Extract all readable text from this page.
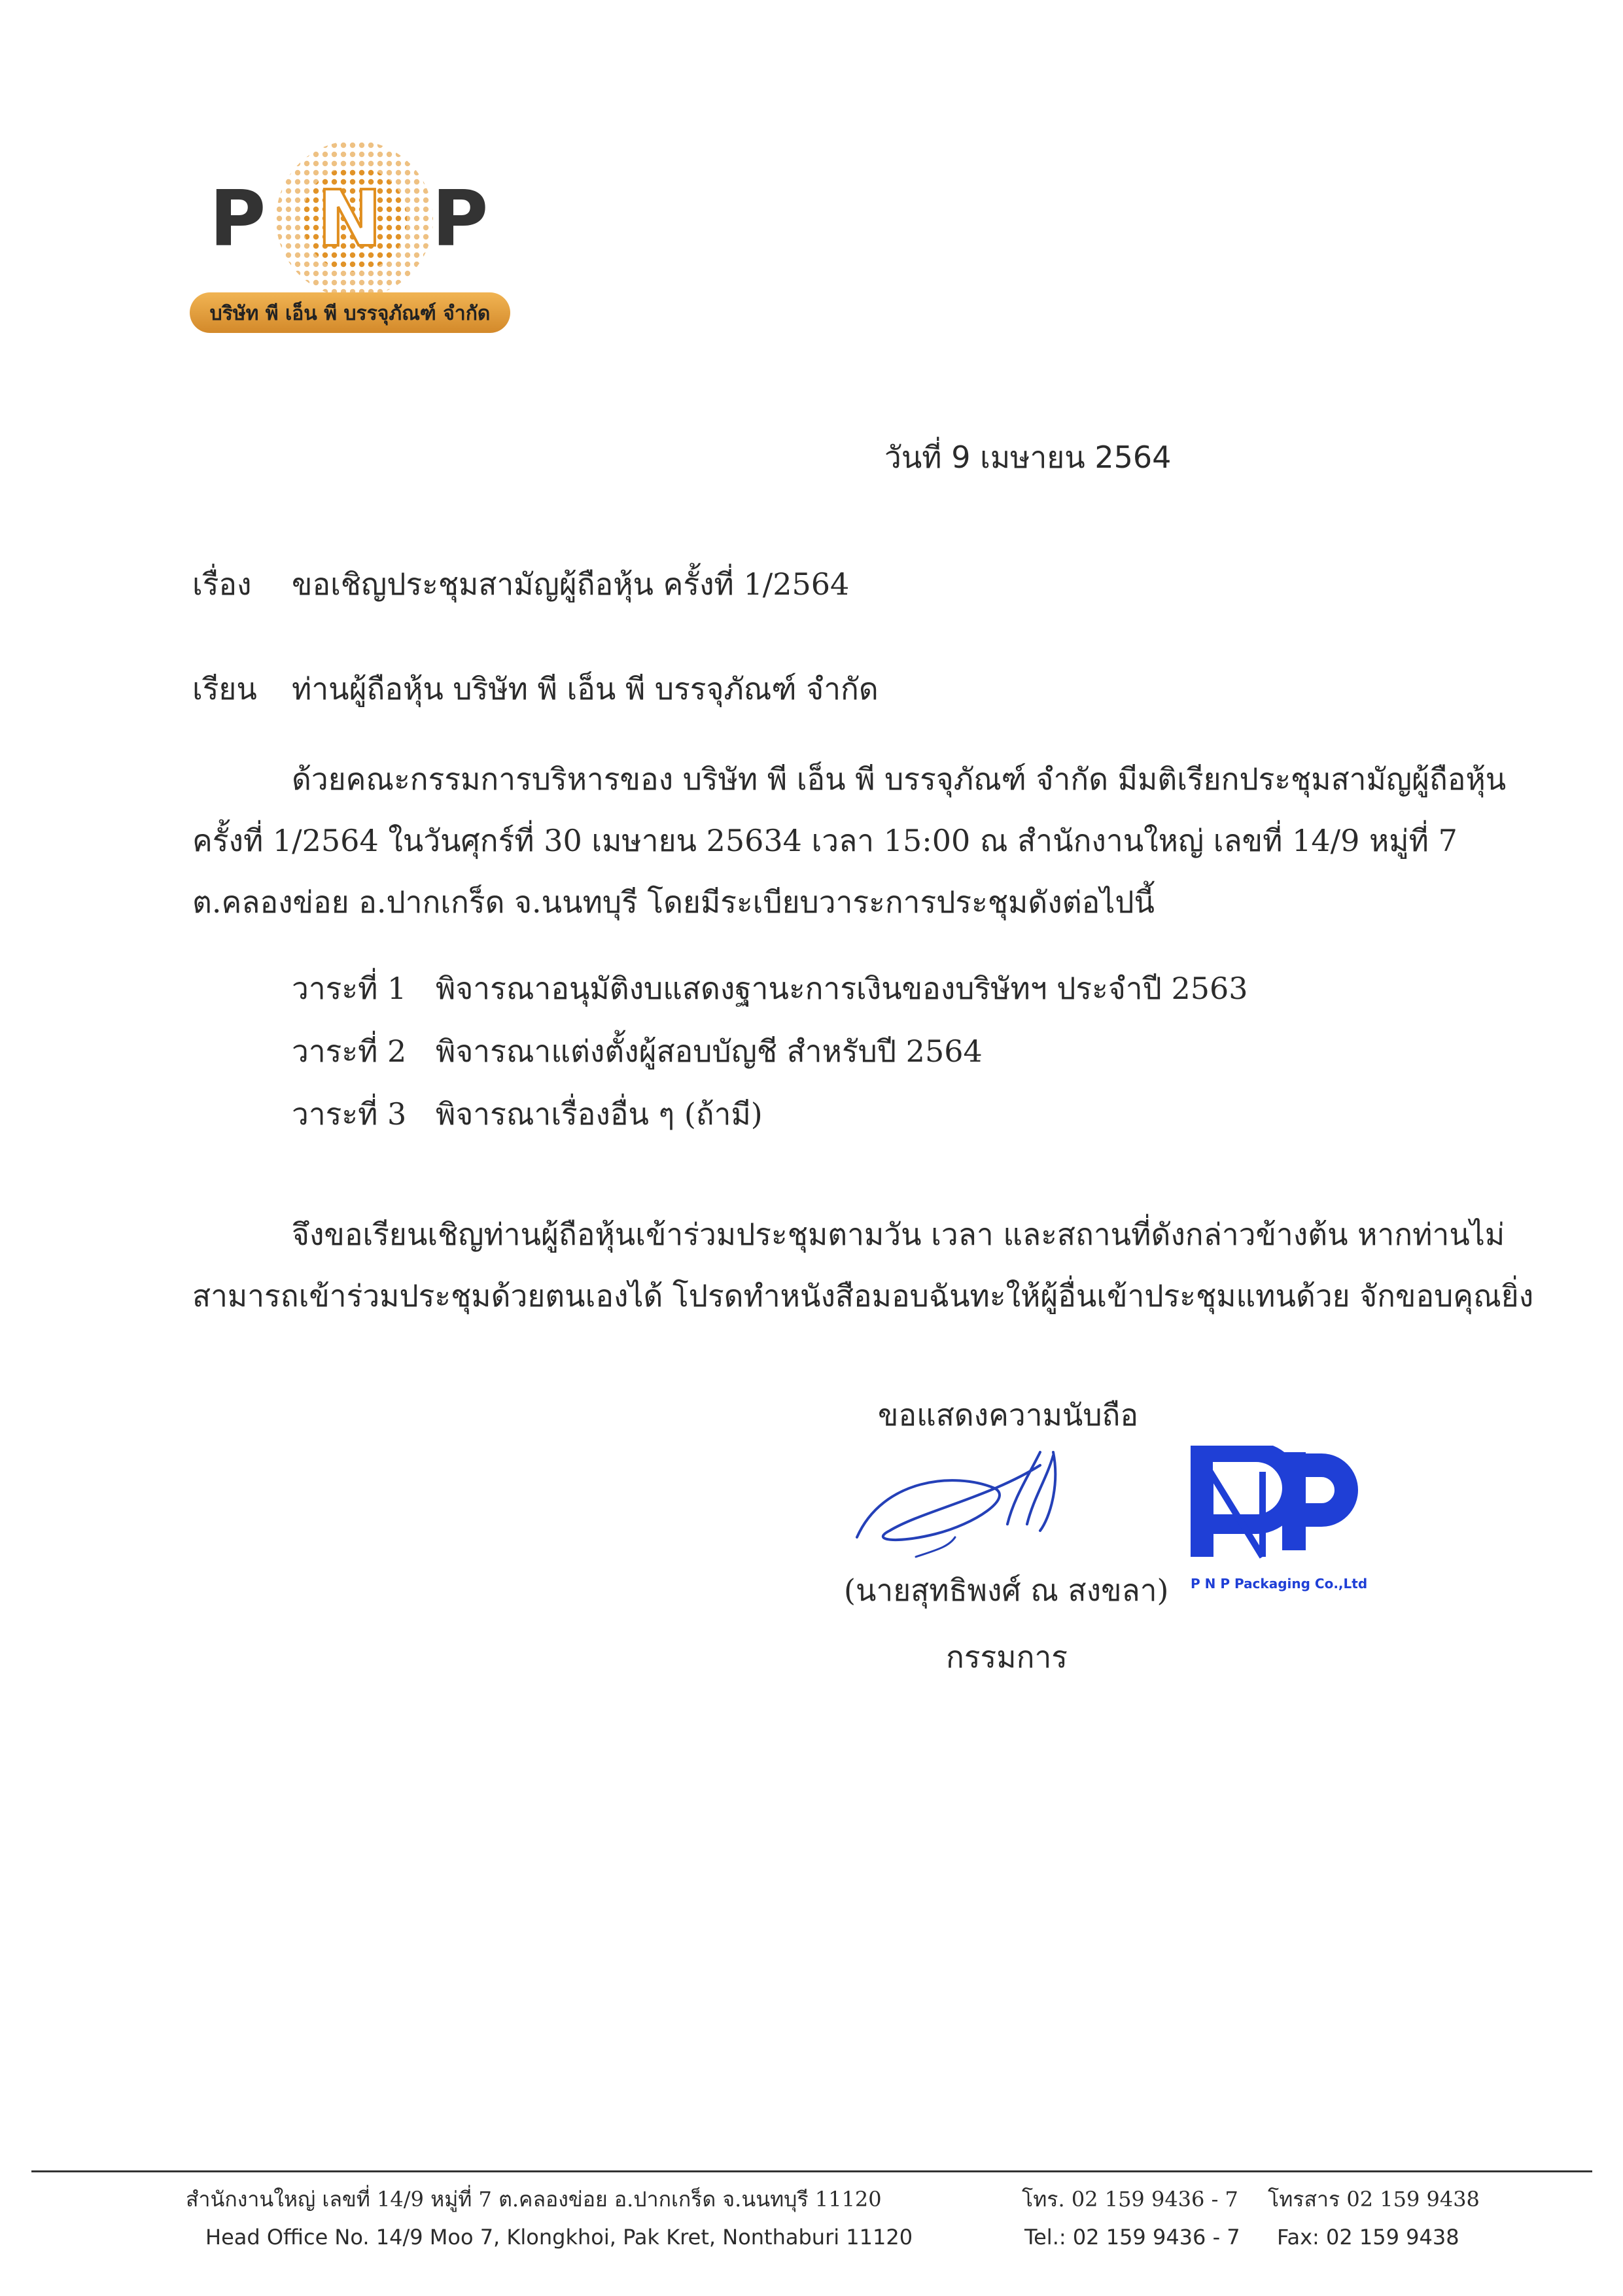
P N P
บริษัท พี เอ็น พี บรรจุภัณฑ์ จำกัด
วันที่ 9 เมษายน 2564
เรื่อง ขอเชิญประชุมสามัญผู้ถือหุ้น ครั้งที่ 1/2564
เรียน ท่านผู้ถือหุ้น บริษัท พี เอ็น พี บรรจุภัณฑ์ จำกัด
ด้วยคณะกรรมการบริหารของ บริษัท พี เอ็น พี บรรจุภัณฑ์ จำกัด มีมติเรียกประชุมสามัญผู้ถือหุ้น
ครั้งที่ 1/2564 ในวันศุกร์ที่ 30 เมษายน 25634 เวลา 15:00 ณ สำนักงานใหญ่ เลขที่ 14/9 หมู่ที่ 7
ต.คลองข่อย อ.ปากเกร็ด จ.นนทบุรี โดยมีระเบียบวาระการประชุมดังต่อไปนี้
วาระที่ 1 พิจารณาอนุมัติงบแสดงฐานะการเงินของบริษัทฯ ประจำปี 2563
วาระที่ 2 พิจารณาแต่งตั้งผู้สอบบัญชี สำหรับปี 2564
วาระที่ 3 พิจารณาเรื่องอื่น ๆ (ถ้ามี)
จึงขอเรียนเชิญท่านผู้ถือหุ้นเข้าร่วมประชุมตามวัน เวลา และสถานที่ดังกล่าวข้างต้น หากท่านไม่
สามารถเข้าร่วมประชุมด้วยตนเองได้ โปรดทำหนังสือมอบฉันทะให้ผู้อื่นเข้าประชุมแทนด้วย จักขอบคุณยิ่ง
ขอแสดงความนับถือ
P N P Packaging Co.,Ltd.
(นายสุทธิพงศ์ ณ สงขลา)
กรรมการ
สำนักงานใหญ่ เลขที่ 14/9 หมู่ที่ 7 ต.คลองข่อย อ.ปากเกร็ด จ.นนทบุรี 11120	โทร. 02 159 9436 - 7 โทรสาร 02 159 9438
Head Office No. 14/9 Moo 7, Klongkhoi, Pak Kret, Nonthaburi 11120	Tel.: 02 159 9436 - 7 Fax: 02 159 9438
